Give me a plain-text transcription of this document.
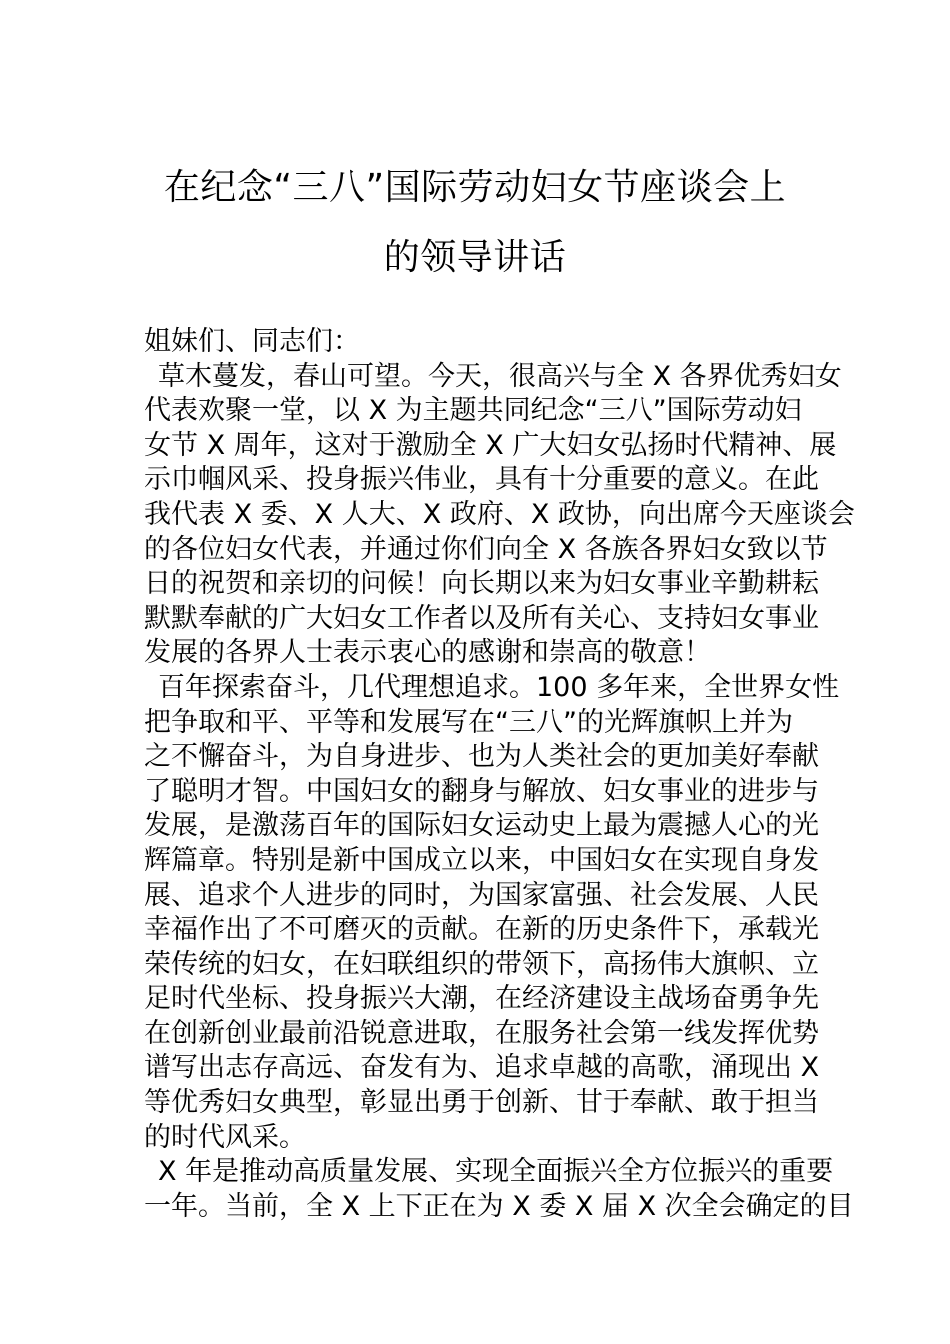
在纪念“三八”国际劳动妇女节座谈会上
的领导讲话
姐妹们、同志们：
草木蔓发，春山可望。今天，很高兴与全 X 各界优秀妇女
代表欢聚一堂，以 X 为主题共同纪念“三八”国际劳动妇
女节 X 周年，这对于激励全 X 广大妇女弘扬时代精神、展
示巾帼风采、投身振兴伟业，具有十分重要的意义。在此
我代表 X 委、X 人大、X 政府、X 政协，向出席今天座谈会
的各位妇女代表，并通过你们向全 X 各族各界妇女致以节
日的祝贺和亲切的问候！向长期以来为妇女事业辛勤耕耘
默默奉献的广大妇女工作者以及所有关心、支持妇女事业
发展的各界人士表示衷心的感谢和崇高的敬意！
百年探索奋斗，几代理想追求。100 多年来，全世界女性
把争取和平、平等和发展写在“三八”的光辉旗帜上并为
之不懈奋斗，为自身进步、也为人类社会的更加美好奉献
了聪明才智。中国妇女的翻身与解放、妇女事业的进步与
发展，是激荡百年的国际妇女运动史上最为震撼人心的光
辉篇章。特别是新中国成立以来，中国妇女在实现自身发
展、追求个人进步的同时，为国家富强、社会发展、人民
幸福作出了不可磨灭的贡献。在新的历史条件下，承载光
荣传统的妇女，在妇联组织的带领下，高扬伟大旗帜、立
足时代坐标、投身振兴大潮，在经济建设主战场奋勇争先
在创新创业最前沿锐意进取，在服务社会第一线发挥优势
谱写出志存高远、奋发有为、追求卓越的高歌，涌现出 X
等优秀妇女典型，彰显出勇于创新、甘于奉献、敢于担当
的时代风采。
X 年是推动高质量发展、实现全面振兴全方位振兴的重要
一年。当前，全 X 上下正在为 X 委 X 届 X 次全会确定的目
